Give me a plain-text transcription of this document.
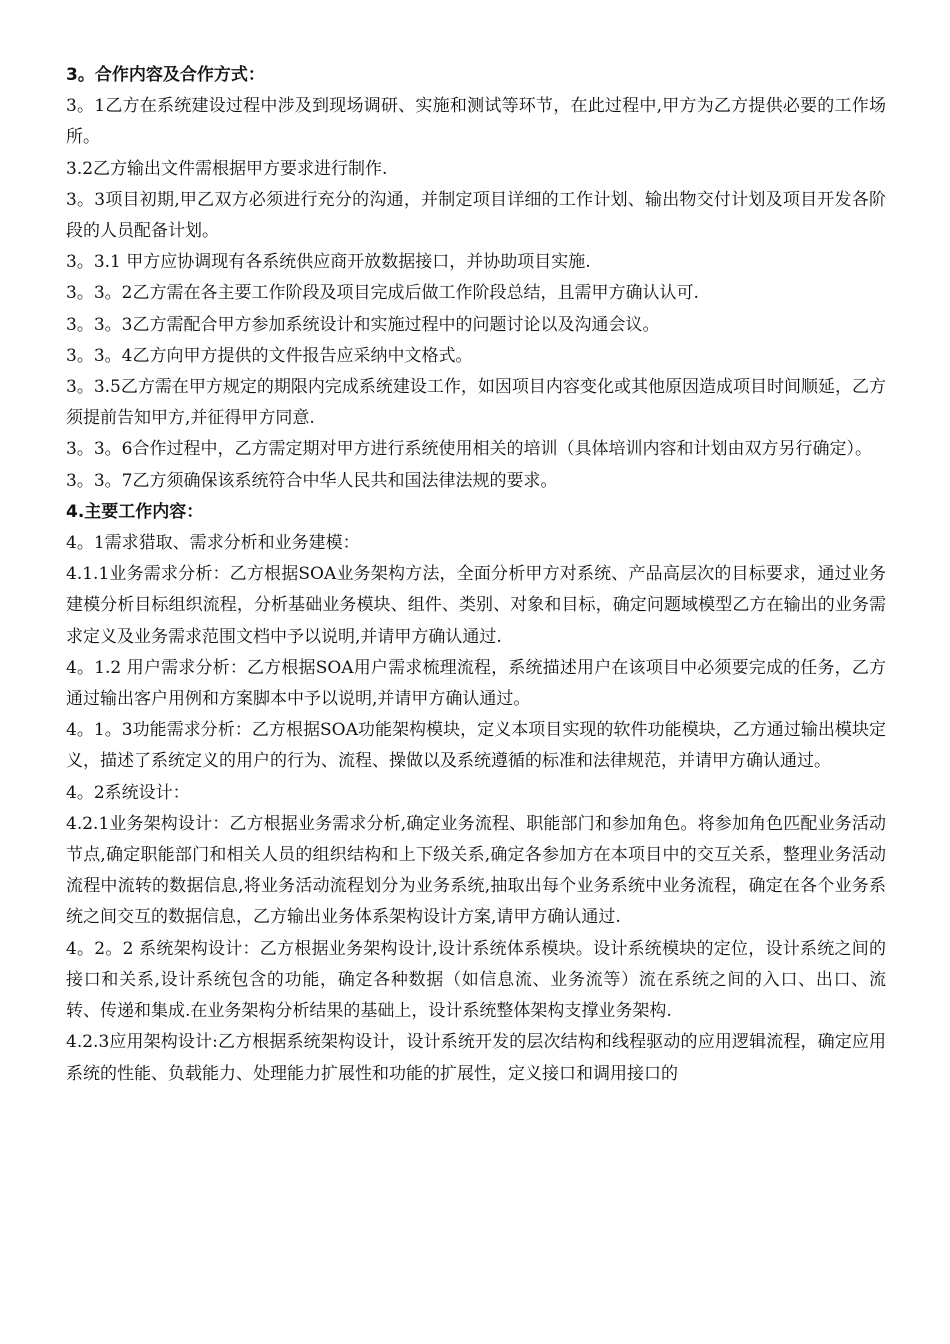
3。合作内容及合作方式：

3。1乙方在系统建设过程中涉及到现场调研、实施和测试等环节，在此过程中,甲方为乙方提供必要的工作场所。

3.2乙方输出文件需根据甲方要求进行制作.

3。3项目初期,甲乙双方必须进行充分的沟通，并制定项目详细的工作计划、输出物交付计划及项目开发各阶段的人员配备计划。

3。3.1 甲方应协调现有各系统供应商开放数据接口，并协助项目实施.

3。3。2乙方需在各主要工作阶段及项目完成后做工作阶段总结，且需甲方确认认可.

3。3。3乙方需配合甲方参加系统设计和实施过程中的问题讨论以及沟通会议。

3。3。4乙方向甲方提供的文件报告应采纳中文格式。

3。3.5乙方需在甲方规定的期限内完成系统建设工作，如因项目内容变化或其他原因造成项目时间顺延，乙方须提前告知甲方,并征得甲方同意.

3。3。6合作过程中，乙方需定期对甲方进行系统使用相关的培训（具体培训内容和计划由双方另行确定）。

3。3。7乙方须确保该系统符合中华人民共和国法律法规的要求。

4.主要工作内容：

4。1需求猎取、需求分析和业务建模：

4.1.1业务需求分析：乙方根据SOA业务架构方法，全面分析甲方对系统、产品高层次的目标要求，通过业务建模分析目标组织流程，分析基础业务模块、组件、类别、对象和目标，确定问题域模型乙方在输出的业务需求定义及业务需求范围文档中予以说明,并请甲方确认通过.

4。1.2 用户需求分析：乙方根据SOA用户需求梳理流程，系统描述用户在该项目中必须要完成的任务，乙方通过输出客户用例和方案脚本中予以说明,并请甲方确认通过。

4。1。3功能需求分析：乙方根据SOA功能架构模块，定义本项目实现的软件功能模块，乙方通过输出模块定义，描述了系统定义的用户的行为、流程、操做以及系统遵循的标准和法律规范，并请甲方确认通过。

4。2系统设计：

4.2.1业务架构设计：乙方根据业务需求分析,确定业务流程、职能部门和参加角色。将参加角色匹配业务活动节点,确定职能部门和相关人员的组织结构和上下级关系,确定各参加方在本项目中的交互关系，整理业务活动流程中流转的数据信息,将业务活动流程划分为业务系统,抽取出每个业务系统中业务流程，确定在各个业务系统之间交互的数据信息，乙方输出业务体系架构设计方案,请甲方确认通过.

4。2。2 系统架构设计：乙方根据业务架构设计,设计系统体系模块。设计系统模块的定位，设计系统之间的接口和关系,设计系统包含的功能，确定各种数据（如信息流、业务流等）流在系统之间的入口、出口、流转、传递和集成.在业务架构分析结果的基础上，设计系统整体架构支撑业务架构.

4.2.3应用架构设计:乙方根据系统架构设计，设计系统开发的层次结构和线程驱动的应用逻辑流程，确定应用系统的性能、负载能力、处理能力扩展性和功能的扩展性，定义接口和调用接口的
